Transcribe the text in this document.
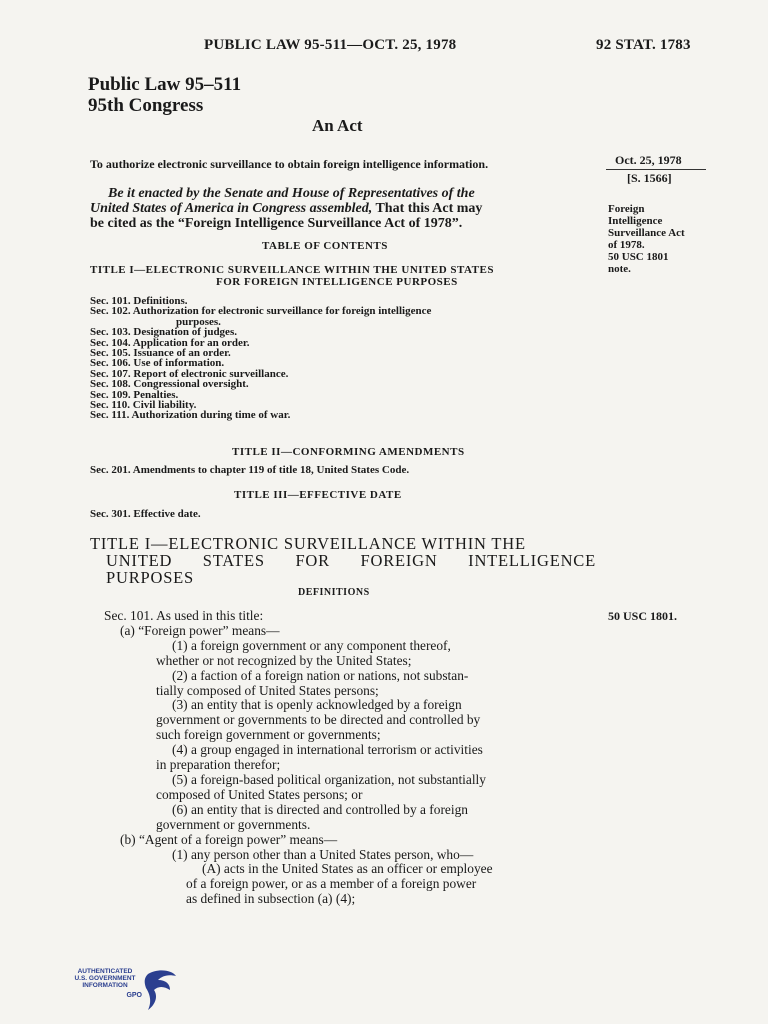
PUBLIC LAW 95-511—OCT. 25, 1978	92 STAT. 1783
Public Law 95–511
95th Congress
An Act
To authorize electronic surveillance to obtain foreign intelligence information.	Oct. 25, 1978
[S. 1566]
Foreign
Intelligence
Surveillance Act
of 1978.
50 USC 1801
note.
Be it enacted by the Senate and House of Representatives of the
United States of America in Congress assembled, That this Act may
be cited as the “Foreign Intelligence Surveillance Act of 1978”.
TABLE OF CONTENTS
TITLE I—ELECTRONIC SURVEILLANCE WITHIN THE UNITED STATES
FOR FOREIGN INTELLIGENCE PURPOSES
Sec. 101. Definitions.
Sec. 102. Authorization for electronic surveillance for foreign intelligence
purposes.
Sec. 103. Designation of judges.
Sec. 104. Application for an order.
Sec. 105. Issuance of an order.
Sec. 106. Use of information.
Sec. 107. Report of electronic surveillance.
Sec. 108. Congressional oversight.
Sec. 109. Penalties.
Sec. 110. Civil liability.
Sec. 111. Authorization during time of war.
TITLE II—CONFORMING AMENDMENTS
Sec. 201. Amendments to chapter 119 of title 18, United States Code.
TITLE III—EFFECTIVE DATE
Sec. 301. Effective date.
TITLE I—ELECTRONIC SURVEILLANCE WITHIN THE
UNITED STATES FOR FOREIGN INTELLIGENCE
PURPOSES
DEFINITIONS
50 USC 1801.
Sec. 101. As used in this title:
(a) “Foreign power” means—
(1) a foreign government or any component thereof,
whether or not recognized by the United States;
(2) a faction of a foreign nation or nations, not substan-
tially composed of United States persons;
(3) an entity that is openly acknowledged by a foreign
government or governments to be directed and controlled by
such foreign government or governments;
(4) a group engaged in international terrorism or activities
in preparation therefor;
(5) a foreign-based political organization, not substantially
composed of United States persons; or
(6) an entity that is directed and controlled by a foreign
government or governments.
(b) “Agent of a foreign power” means—
(1) any person other than a United States person, who—
(A) acts in the United States as an officer or employee
of a foreign power, or as a member of a foreign power
as defined in subsection (a) (4);
AUTHENTICATED
U.S. GOVERNMENT
INFORMATION
GPO
